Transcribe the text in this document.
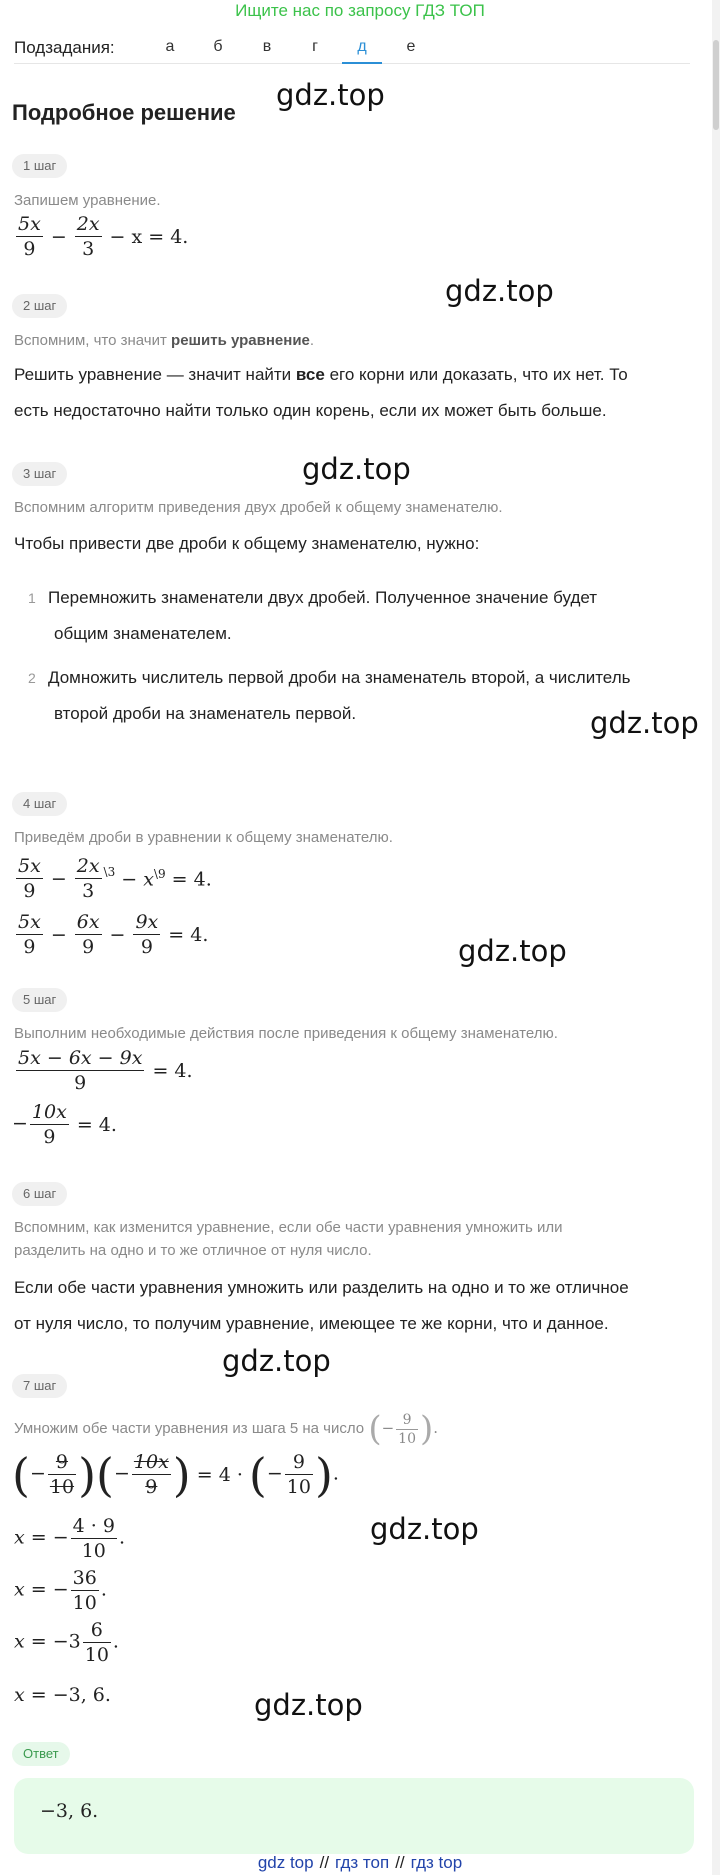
Ищите нас по запросу ГДЗ ТОП
Подзадания:	а	б	в	г	д	е
Подробное решение
gdz.top
gdz.top
gdz.top
gdz.top
gdz.top
gdz.top
gdz.top
gdz.top
1 шаг
Запишем уравнение.
$\frac{5x}{9} - \frac{2x}{3} - x = 4$.
2 шаг
Вспомним, что значит решить уравнение.
Решить уравнение — значит найти все его корни или доказать, что их нет. То
есть недостаточно найти только один корень, если их может быть больше.
3 шаг
Вспомним алгоритм приведения двух дробей к общему знаменателю.
Чтобы привести две дроби к общему знаменателю, нужно:
1 Перемножить знаменатели двух дробей. Полученное значение будет
общим знаменателем.
2 Домножить числитель первой дроби на знаменатель второй, а числитель
второй дроби на знаменатель первой.
4 шаг
Приведём дроби в уравнении к общему знаменателю.
$\frac{5x}{9} - \frac{2x}{3} ^{\backslash 3} - x^{\backslash 9} = 4$.
$\frac{5x}{9} - \frac{6x}{9} - \frac{9x}{9} = 4$.
5 шаг
Выполним необходимые действия после приведения к общему знаменателю.
$\frac{5x - 6x - 9x}{9} = 4$.
− $\frac{10x}{9} = 4$.
6 шаг
Вспомним, как изменится уравнение, если обе части уравнения умножить или
разделить на одно и то же отличное от нуля число.
Если обе части уравнения умножить или разделить на одно и то же отличное
от нуля число, то получим уравнение, имеющее те же корни, что и данное.
7 шаг
Умножим обе части уравнения из шага 5 на число (− $\frac{9}{10}$ ).
(− $\frac{9}{10}$ )(− $\frac{10x}{9}$ ) = 4 · (− $\frac{9}{10}$ ).
x = − $\frac{4 \cdot 9}{10}$ .
x = − $\frac{36}{10}$ .
$x = -3 \frac{6}{10}$ .
x = −3, 6.
Ответ
−3, 6.
gdz top // гдз топ // гдз top
